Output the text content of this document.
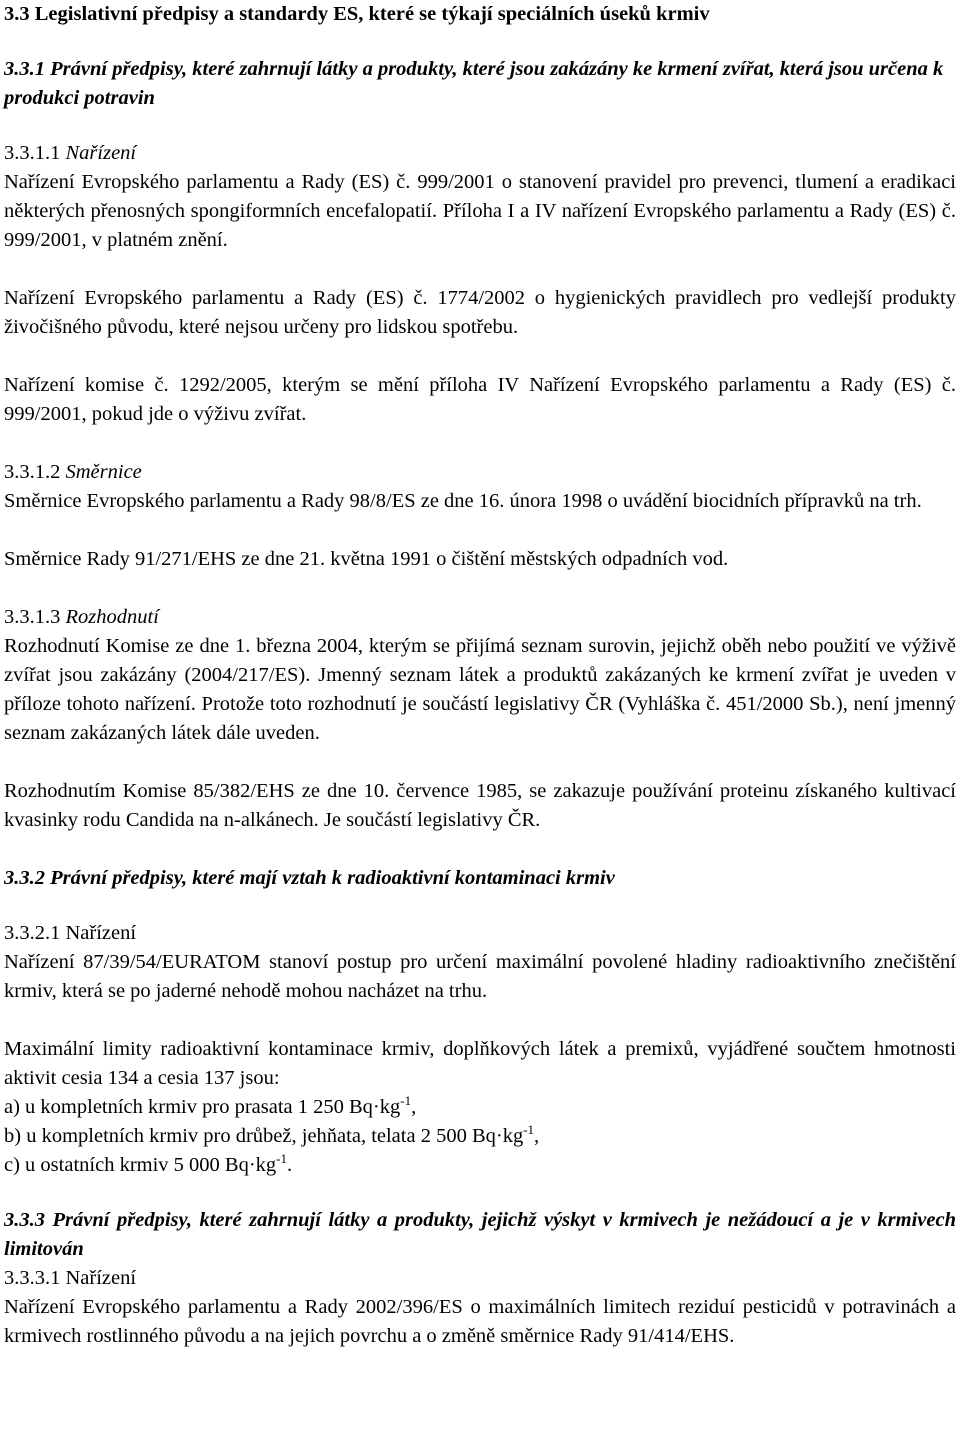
3.3 Legislativní předpisy a standardy ES, které se týkají speciálních úseků krmiv

3.3.1 Právní předpisy, které zahrnují látky a produkty, které jsou zakázány ke krmení zvířat, která jsou určena k produkci potravin

3.3.1.1 Nařízení

Nařízení Evropského parlamentu a Rady (ES) č. 999/2001 o stanovení pravidel pro prevenci, tlumení a eradikaci některých přenosných spongiformních encefalopatií. Příloha I a IV nařízení Evropského parlamentu a Rady (ES) č. 999/2001, v platném znění.

Nařízení Evropského parlamentu a Rady (ES) č. 1774/2002 o hygienických pravidlech pro vedlejší produkty živočišného původu, které nejsou určeny pro lidskou spotřebu.

Nařízení komise č. 1292/2005, kterým se mění příloha IV Nařízení Evropského parlamentu a Rady (ES) č. 999/2001, pokud jde o výživu zvířat.

3.3.1.2 Směrnice

Směrnice Evropského parlamentu a Rady 98/8/ES ze dne 16. února 1998 o uvádění biocidních přípravků na trh.

Směrnice Rady 91/271/EHS ze dne 21. května 1991 o čištění městských odpadních vod.

3.3.1.3 Rozhodnutí

Rozhodnutí Komise ze dne 1. března 2004, kterým se přijímá seznam surovin, jejichž oběh nebo použití ve výživě zvířat jsou zakázány (2004/217/ES). Jmenný seznam látek a produktů zakázaných ke krmení zvířat je uveden v příloze tohoto nařízení. Protože toto rozhodnutí je součástí legislativy ČR (Vyhláška č. 451/2000 Sb.), není jmenný seznam zakázaných látek dále uveden.

Rozhodnutím Komise 85/382/EHS ze dne 10. července 1985, se zakazuje používání proteinu získaného kultivací kvasinky rodu Candida na n-alkánech. Je součástí legislativy ČR.

3.3.2 Právní předpisy, které mají vztah k radioaktivní kontaminaci krmiv

3.3.2.1 Nařízení

Nařízení 87/39/54/EURATOM stanoví postup pro určení maximální povolené hladiny radioaktivního znečištění krmiv, která se po jaderné nehodě mohou nacházet na trhu.

Maximální limity radioaktivní kontaminace krmiv, doplňkových látek a premixů, vyjádřené součtem hmotnosti aktivit cesia 134 a cesia 137 jsou:

a) u kompletních krmiv pro prasata 1 250 $Bq\cdot kg^{-1}$,

b) u kompletních krmiv pro drůbež, jehňata, telata 2 500 $Bq\cdot kg^{-1}$,

c) u ostatních krmiv 5 000 $Bq\cdot kg^{-1}$.

3.3.3 Právní předpisy, které zahrnují látky a produkty, jejichž výskyt v krmivech je nežádoucí a je v krmivech limitován

3.3.3.1 Nařízení

Nařízení Evropského parlamentu a Rady 2002/396/ES o maximálních limitech reziduí pesticidů v potravinách a krmivech rostlinného původu a na jejich povrchu a o změně směrnice Rady 91/414/EHS.
